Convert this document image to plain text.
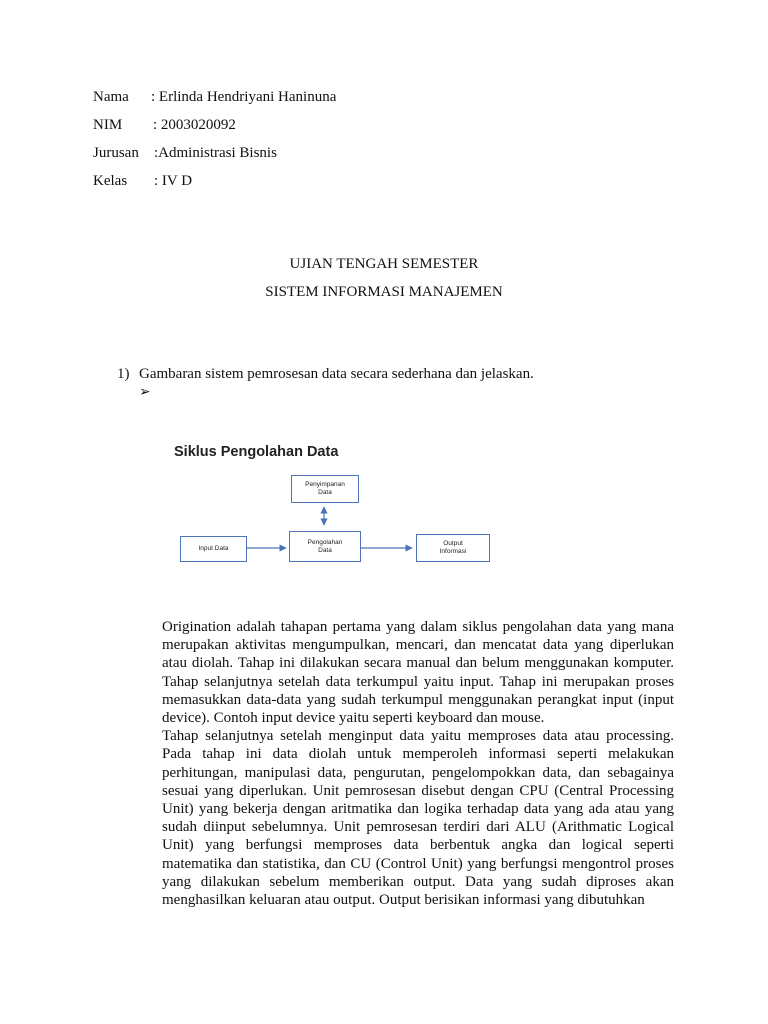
Nama : Erlinda Hendriyani Haninuna
NIM : 2003020092
Jurusan :Administrasi Bisnis
Kelas : IV D
UJIAN TENGAH SEMESTER
SISTEM INFORMASI MANAJEMEN
1) Gambaran sistem pemrosesan data secara sederhana dan jelaskan.
➢
Siklus Pengolahan Data
Penyimpanan
Data
Input Data
Pengolahan
Data
Output
Informasi

Origination adalah tahapan pertama yang dalam siklus pengolahan data yang mana merupakan aktivitas mengumpulkan, mencari, dan mencatat data yang diperlukan atau diolah. Tahap ini dilakukan secara manual dan belum menggunakan komputer. Tahap selanjutnya setelah data terkumpul yaitu input. Tahap ini merupakan proses memasukkan data-data yang sudah terkumpul menggunakan perangkat input (input device). Contoh input device yaitu seperti keyboard dan mouse.

Tahap selanjutnya setelah menginput data yaitu memproses data atau processing. Pada tahap ini data diolah untuk memperoleh informasi seperti melakukan perhitungan, manipulasi data, pengurutan, pengelompokkan data, dan sebagainya sesuai yang diperlukan. Unit pemrosesan disebut dengan CPU (Central Processing Unit) yang bekerja dengan aritmatika dan logika terhadap data yang ada atau yang sudah diinput sebelumnya. Unit pemrosesan terdiri dari ALU (Arithmatic Logical Unit) yang berfungsi memproses data berbentuk angka dan logical seperti matematika dan statistika, dan CU (Control Unit) yang berfungsi mengontrol proses yang dilakukan sebelum memberikan output. Data yang sudah diproses akan menghasilkan keluaran atau output. Output berisikan informasi yang dibutuhkan
